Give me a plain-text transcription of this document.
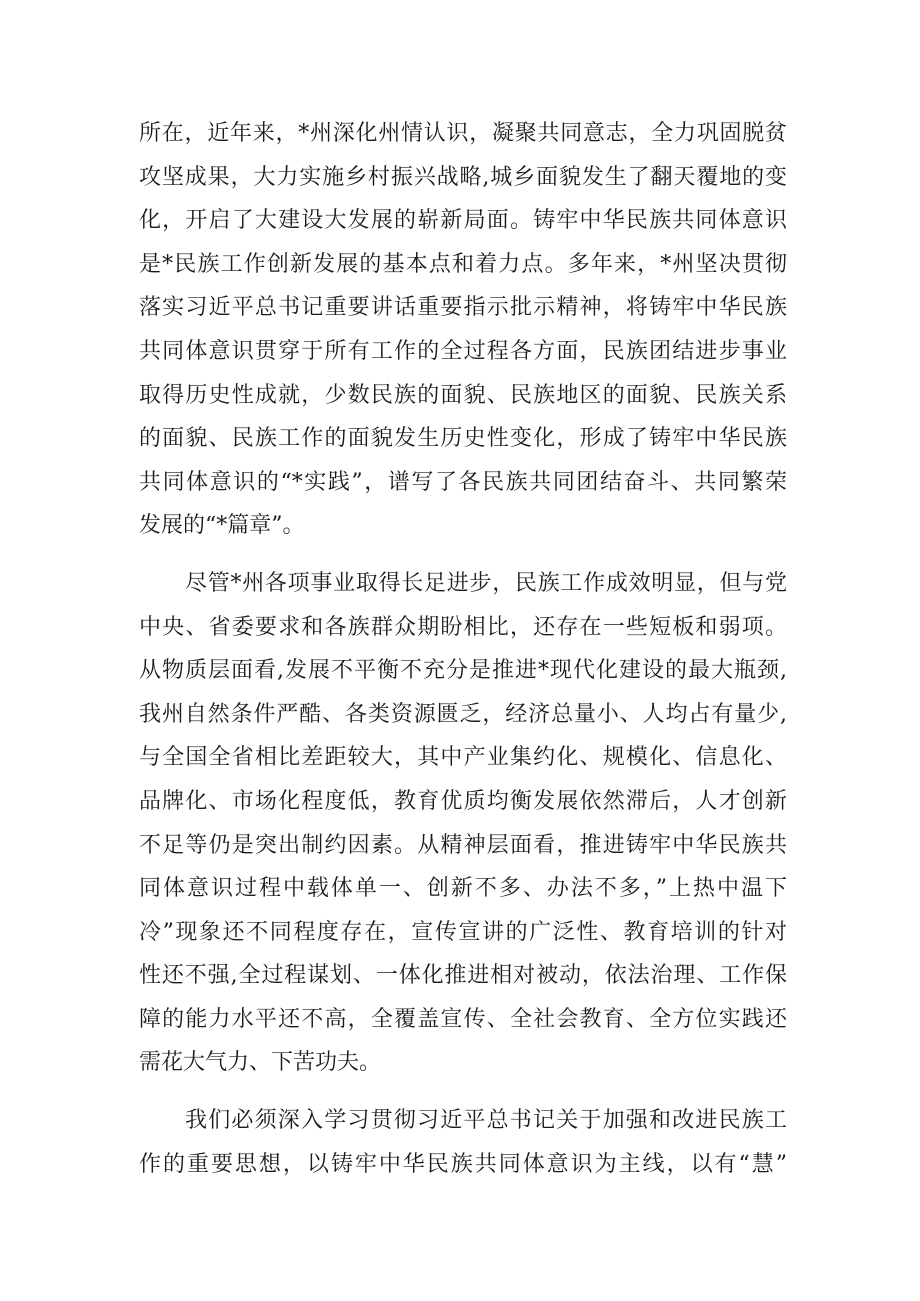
所在，近年来，*州深化州情认识，凝聚共同意志，全力巩固脱贫
攻坚成果，大力实施乡村振兴战略,城乡面貌发生了翻天覆地的变
化，开启了大建设大发展的崭新局面。铸牢中华民族共同体意识
是*民族工作创新发展的基本点和着力点。多年来，*州坚决贯彻
落实习近平总书记重要讲话重要指示批示精神，将铸牢中华民族
共同体意识贯穿于所有工作的全过程各方面，民族团结进步事业
取得历史性成就，少数民族的面貌、民族地区的面貌、民族关系
的面貌、民族工作的面貌发生历史性变化，形成了铸牢中华民族
共同体意识的“*实践”，谱写了各民族共同团结奋斗、共同繁荣
发展的“*篇章”。
尽管*州各项事业取得长足进步，民族工作成效明显，但与党
中央、省委要求和各族群众期盼相比，还存在一些短板和弱项。
从物质层面看,发展不平衡不充分是推进*现代化建设的最大瓶颈,
我州自然条件严酷、各类资源匮乏，经济总量小、人均占有量少,
与全国全省相比差距较大，其中产业集约化、规模化、信息化、
品牌化、市场化程度低，教育优质均衡发展依然滞后，人才创新
不足等仍是突出制约因素。从精神层面看，推进铸牢中华民族共
同体意识过程中载体单一、创新不多、办法不多，”上热中温下
冷”现象还不同程度存在，宣传宣讲的广泛性、教育培训的针对
性还不强,全过程谋划、一体化推进相对被动，依法治理、工作保
障的能力水平还不高，全覆盖宣传、全社会教育、全方位实践还
需花大气力、下苦功夫。
我们必须深入学习贯彻习近平总书记关于加强和改进民族工
作的重要思想，以铸牢中华民族共同体意识为主线，以有“慧”
